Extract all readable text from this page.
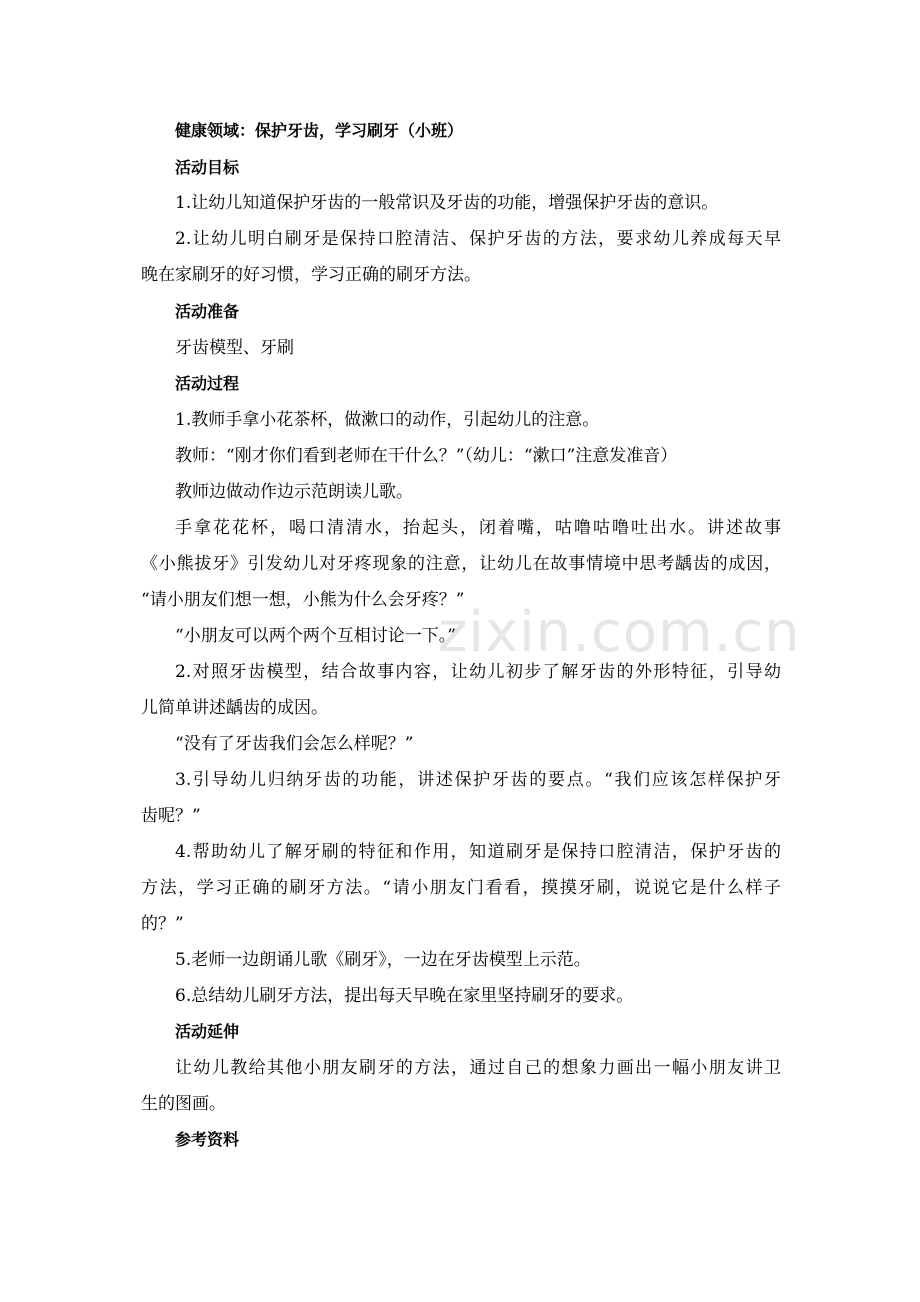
健康领域：保护牙齿，学习刷牙（小班）
活动目标
1.让幼儿知道保护牙齿的一般常识及牙齿的功能，增强保护牙齿的意识。
2.让幼儿明白刷牙是保持口腔清洁、保护牙齿的方法，要求幼儿养成每天早
晚在家刷牙的好习惯，学习正确的刷牙方法。
活动准备
牙齿模型、牙刷
活动过程
1.教师手拿小花茶杯，做漱口的动作，引起幼儿的注意。
教师：“刚才你们看到老师在干什么？”（幼儿：“漱口”注意发准音）
教师边做动作边示范朗读儿歌。
手拿花花杯，喝口清清水，抬起头，闭着嘴，咕噜咕噜吐出水。讲述故事
《小熊拔牙》引发幼儿对牙疼现象的注意，让幼儿在故事情境中思考龋齿的成因，
“请小朋友们想一想，小熊为什么会牙疼？”
“小朋友可以两个两个互相讨论一下。”
2.对照牙齿模型，结合故事内容，让幼儿初步了解牙齿的外形特征，引导幼
儿简单讲述龋齿的成因。
“没有了牙齿我们会怎么样呢？”
3.引导幼儿归纳牙齿的功能，讲述保护牙齿的要点。“我们应该怎样保护牙
齿呢？”
4.帮助幼儿了解牙刷的特征和作用，知道刷牙是保持口腔清洁，保护牙齿的
方法，学习正确的刷牙方法。“请小朋友门看看，摸摸牙刷，说说它是什么样子
的？”
5.老师一边朗诵儿歌《刷牙》，一边在牙齿模型上示范。
6.总结幼儿刷牙方法，提出每天早晚在家里坚持刷牙的要求。
活动延伸
让幼儿教给其他小朋友刷牙的方法，通过自己的想象力画出一幅小朋友讲卫
生的图画。
参考资料
zixin.com.cn
